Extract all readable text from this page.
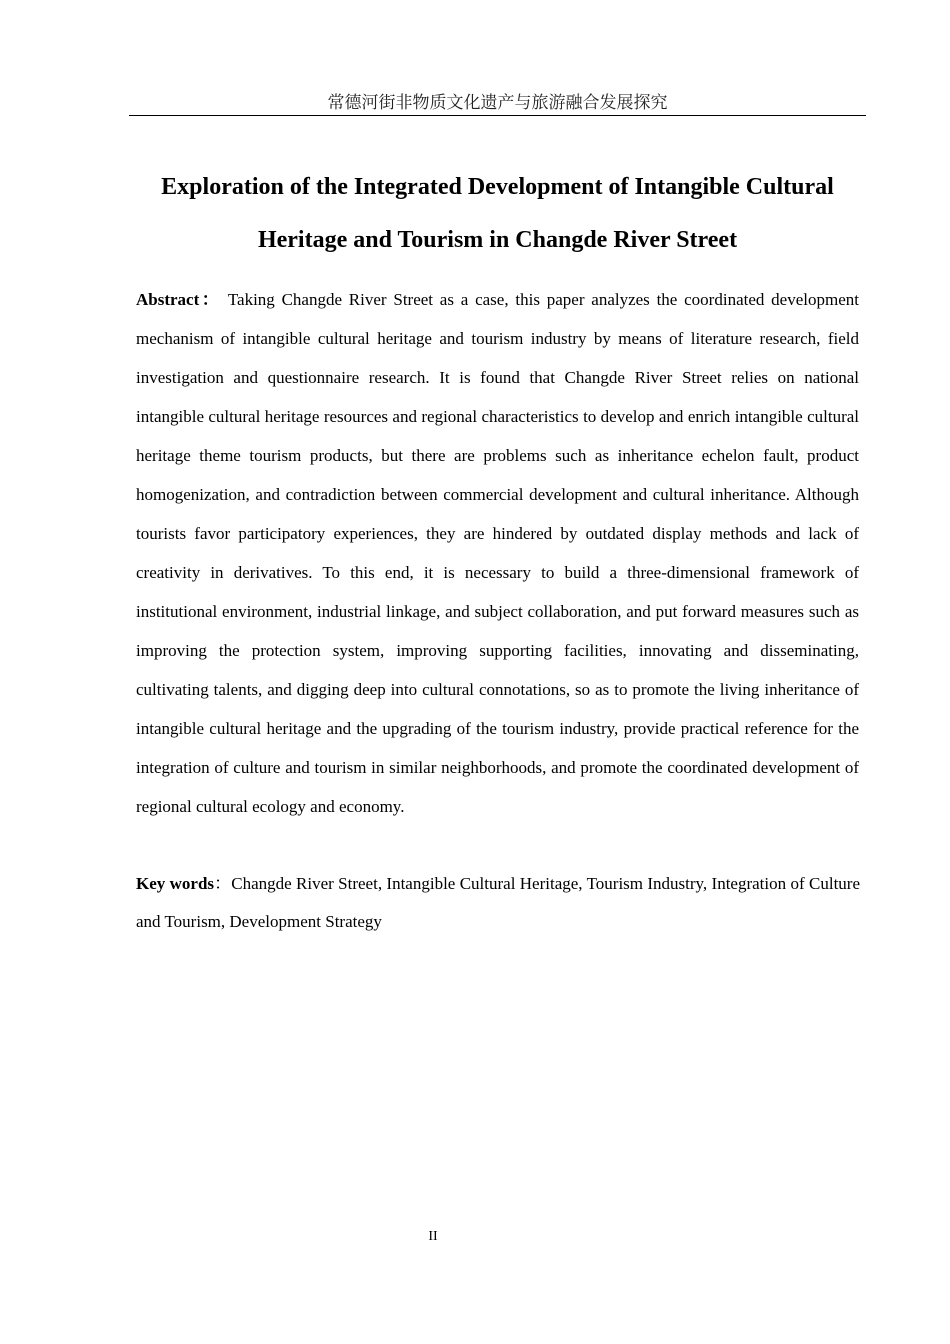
常德河街非物质文化遗产与旅游融合发展探究
Exploration of the Integrated Development of Intangible Cultural Heritage and Tourism in Changde River Street

Abstract： Taking Changde River Street as a case, this paper analyzes the coordinated development mechanism of intangible cultural heritage and tourism industry by means of literature research, field investigation and questionnaire research. It is found that Changde River Street relies on national intangible cultural heritage resources and regional characteristics to develop and enrich intangible cultural heritage theme tourism products, but there are problems such as inheritance echelon fault, product homogenization, and contradiction between commercial development and cultural inheritance. Although tourists favor participatory experiences, they are hindered by outdated display methods and lack of creativity in derivatives. To this end, it is necessary to build a three-dimensional framework of institutional environment, industrial linkage, and subject collaboration, and put forward measures such as improving the protection system, improving supporting facilities, innovating and disseminating, cultivating talents, and digging deep into cultural connotations, so as to promote the living inheritance of intangible cultural heritage and the upgrading of the tourism industry, provide practical reference for the integration of culture and tourism in similar neighborhoods, and promote the coordinated development of regional cultural ecology and economy.

Key words：Changde River Street, Intangible Cultural Heritage, Tourism Industry, Integration of Culture and Tourism, Development Strategy

II
